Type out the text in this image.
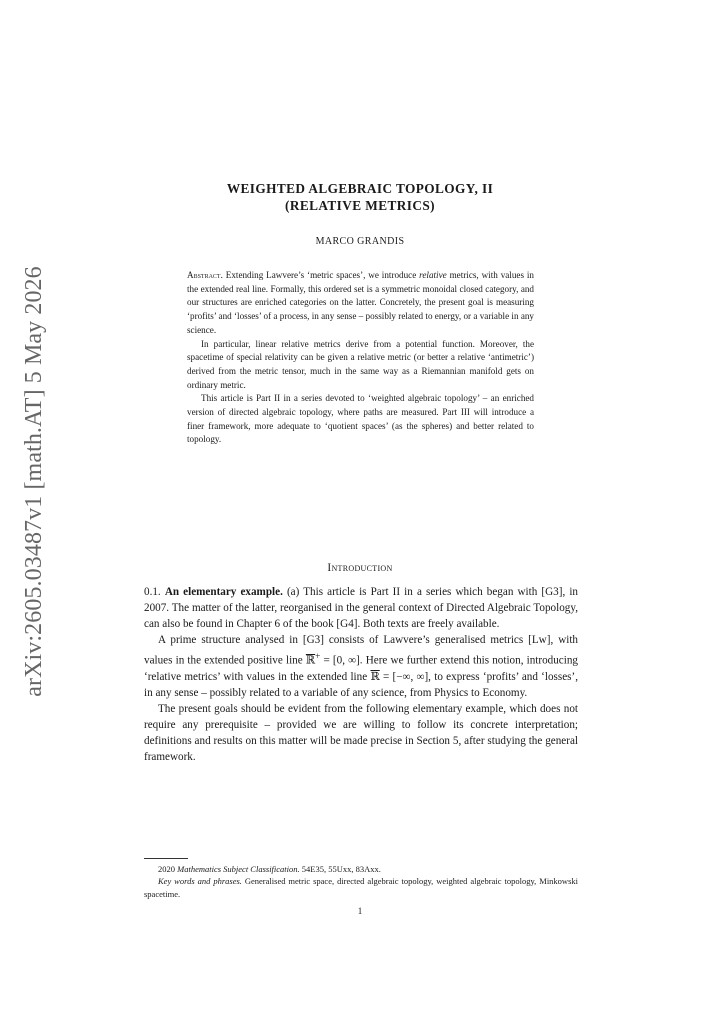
arXiv:2605.03487v1 [math.AT] 5 May 2026
WEIGHTED ALGEBRAIC TOPOLOGY, II
(RELATIVE METRICS)
MARCO GRANDIS

Abstract. Extending Lawvere’s ‘metric spaces’, we introduce relative metrics, with values in the extended real line. Formally, this ordered set is a symmetric monoidal closed category, and our structures are enriched categories on the latter. Concretely, the present goal is measuring ‘profits’ and ‘losses’ of a process, in any sense – possibly related to energy, or a variable in any science.

In particular, linear relative metrics derive from a potential function. Moreover, the spacetime of special relativity can be given a relative metric (or better a relative ‘antimetric’) derived from the metric tensor, much in the same way as a Riemannian manifold gets on ordinary metric.

This article is Part II in a series devoted to ‘weighted algebraic topology’ – an enriched version of directed algebraic topology, where paths are measured. Part III will introduce a finer framework, more adequate to ‘quotient spaces’ (as the spheres) and better related to topology.

Introduction

0.1. An elementary example. (a) This article is Part II in a series which began with [G3], in 2007. The matter of the latter, reorganised in the general context of Directed Algebraic Topology, can also be found in Chapter 6 of the book [G4]. Both texts are freely available.

A prime structure analysed in [G3] consists of Lawvere’s generalised metrics [Lw], with values in the extended positive line ℝ+ = [0, ∞]. Here we further extend this notion, introducing ‘relative metrics’ with values in the extended line ℝ = [−∞, ∞], to express ‘profits’ and ‘losses’, in any sense – possibly related to a variable of any science, from Physics to Economy.

The present goals should be evident from the following elementary example, which does not require any prerequisite – provided we are willing to follow its concrete interpretation; definitions and results on this matter will be made precise in Section 5, after studying the general framework.

2020 Mathematics Subject Classification. 54E35, 55Uxx, 83Axx.

Key words and phrases. Generalised metric space, directed algebraic topology, weighted algebraic topology, Minkowski spacetime.

1
